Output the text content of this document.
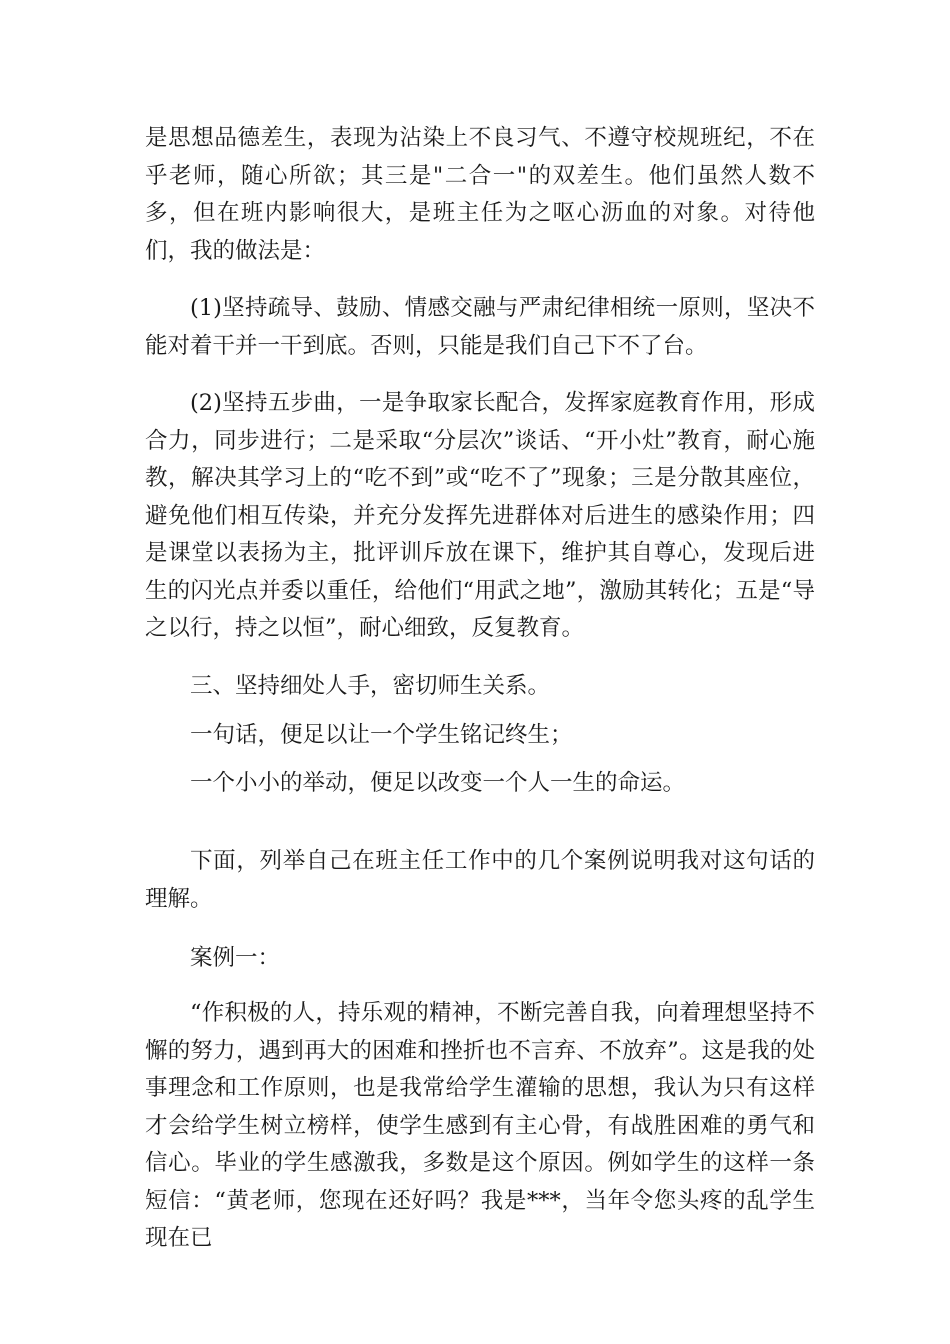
是思想品德差生，表现为沾染上不良习气、不遵守校规班纪，不在乎老师，随心所欲；其三是"二合一"的双差生。他们虽然人数不多，但在班内影响很大，是班主任为之呕心沥血的对象。对待他们，我的做法是：

(1)坚持疏导、鼓励、情感交融与严肃纪律相统一原则，坚决不能对着干并一干到底。否则，只能是我们自己下不了台。

(2)坚持五步曲，一是争取家长配合，发挥家庭教育作用，形成合力，同步进行；二是采取“分层次”谈话、“开小灶”教育，耐心施教，解决其学习上的“吃不到”或“吃不了”现象；三是分散其座位，避免他们相互传染，并充分发挥先进群体对后进生的感染作用；四是课堂以表扬为主，批评训斥放在课下，维护其自尊心，发现后进生的闪光点并委以重任，给他们“用武之地”，激励其转化；五是“导之以行，持之以恒”，耐心细致，反复教育。

三、坚持细处人手，密切师生关系。

一句话，便足以让一个学生铭记终生；

一个小小的举动，便足以改变一个人一生的命运。

下面，列举自己在班主任工作中的几个案例说明我对这句话的理解。

案例一：

“作积极的人，持乐观的精神，不断完善自我，向着理想坚持不懈的努力，遇到再大的困难和挫折也不言弃、不放弃”。这是我的处事理念和工作原则，也是我常给学生灌输的思想，我认为只有这样才会给学生树立榜样，使学生感到有主心骨，有战胜困难的勇气和信心。毕业的学生感激我，多数是这个原因。例如学生的这样一条短信：“黄老师，您现在还好吗？我是***，当年令您头疼的乱学生现在已
